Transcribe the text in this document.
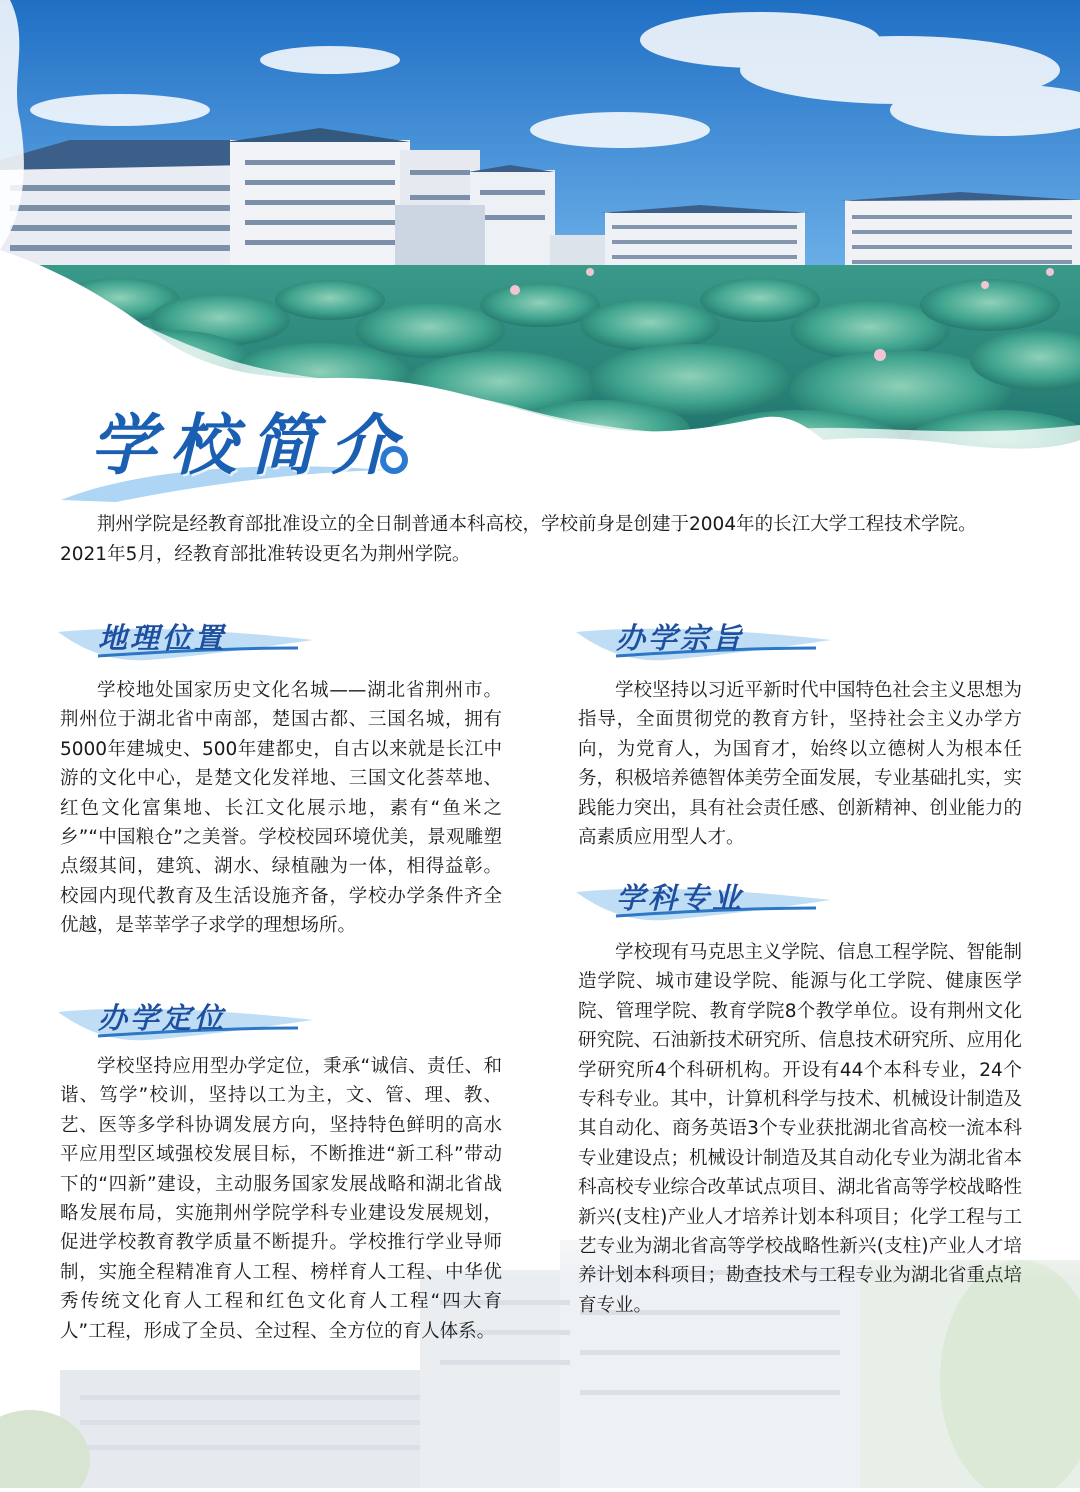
学校简介
荆州学院是经教育部批准设立的全日制普通本科高校，学校前身是创建于2004年的长江大学工程技术学院。2021年5月，经教育部批准转设更名为荆州学院。
地理位置
学校地处国家历史文化名城——湖北省荆州市。荆州位于湖北省中南部，楚国古都、三国名城，拥有5000年建城史、500年建都史，自古以来就是长江中游的文化中心，是楚文化发祥地、三国文化荟萃地、红色文化富集地、长江文化展示地，素有“鱼米之乡”“中国粮仓”之美誉。学校校园环境优美，景观雕塑点缀其间，建筑、湖水、绿植融为一体，相得益彰。校园内现代教育及生活设施齐备，学校办学条件齐全优越，是莘莘学子求学的理想场所。
办学定位
学校坚持应用型办学定位，秉承“诚信、责任、和谐、笃学”校训，坚持以工为主，文、管、理、教、艺、医等多学科协调发展方向，坚持特色鲜明的高水平应用型区域强校发展目标，不断推进“新工科”带动下的“四新”建设，主动服务国家发展战略和湖北省战略发展布局，实施荆州学院学科专业建设发展规划，促进学校教育教学质量不断提升。学校推行学业导师制，实施全程精准育人工程、榜样育人工程、中华优秀传统文化育人工程和红色文化育人工程“四大育人”工程，形成了全员、全过程、全方位的育人体系。
办学宗旨
学校坚持以习近平新时代中国特色社会主义思想为指导，全面贯彻党的教育方针，坚持社会主义办学方向，为党育人，为国育才，始终以立德树人为根本任务，积极培养德智体美劳全面发展，专业基础扎实，实践能力突出，具有社会责任感、创新精神、创业能力的高素质应用型人才。
学科专业
学校现有马克思主义学院、信息工程学院、智能制造学院、城市建设学院、能源与化工学院、健康医学院、管理学院、教育学院8个教学单位。设有荆州文化研究院、石油新技术研究所、信息技术研究所、应用化学研究所4个科研机构。开设有44个本科专业，24个专科专业。其中，计算机科学与技术、机械设计制造及其自动化、商务英语3个专业获批湖北省高校一流本科专业建设点；机械设计制造及其自动化专业为湖北省本科高校专业综合改革试点项目、湖北省高等学校战略性新兴(支柱)产业人才培养计划本科项目；化学工程与工艺专业为湖北省高等学校战略性新兴(支柱)产业人才培养计划本科项目；勘查技术与工程专业为湖北省重点培育专业。
